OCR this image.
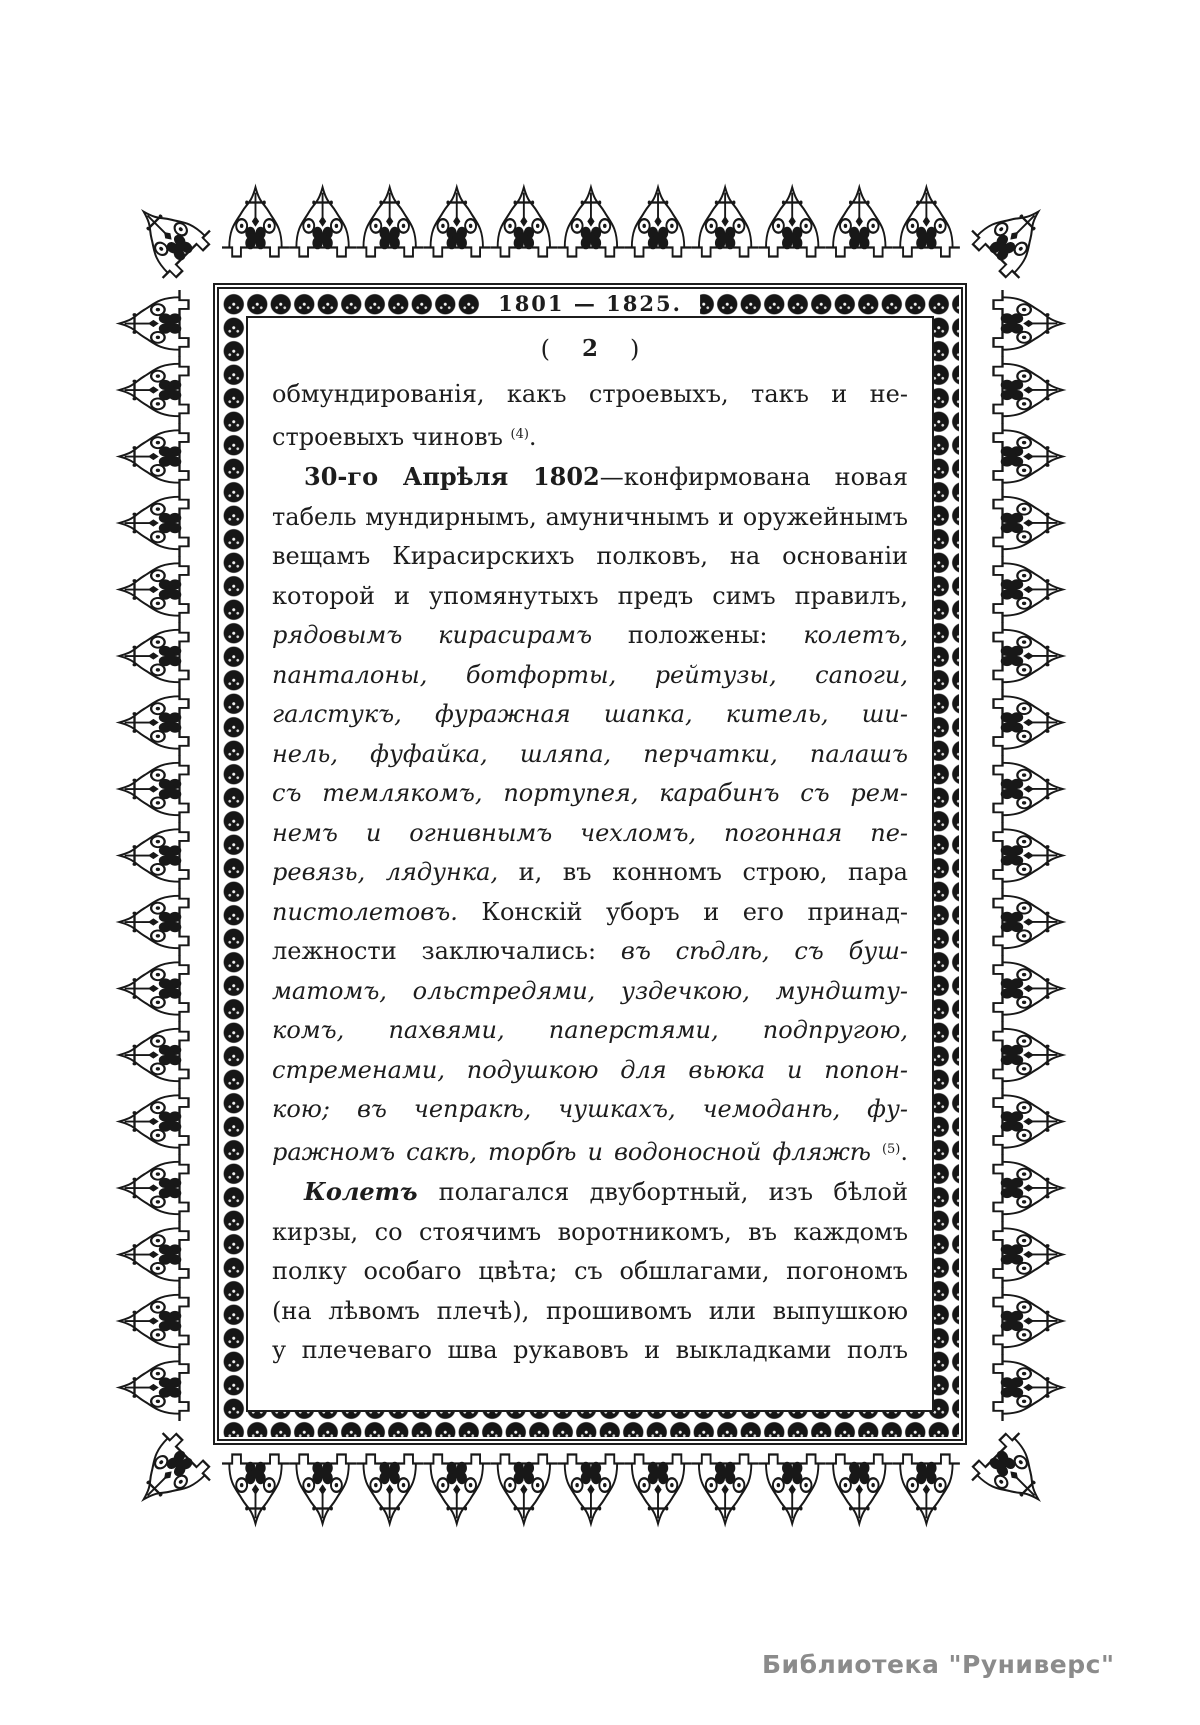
1801 — 1825.
( 2 )
обмундированія, какъ строевыхъ, такъ и не-
строевыхъ чиновъ $^{(4)}$.
30-го Апрѣля 1802—конфирмована новая
табель мундирнымъ, амуничнымъ и оружейнымъ
вещамъ Кирасирскихъ полковъ, на основаніи
которой и упомянутыхъ предъ симъ правилъ,
рядовымъ кирасирамъ положены: колетъ,
панталоны, ботфорты, рейтузы, сапоги,
галстукъ, фуражная шапка, китель, ши-
нель, фуфайка, шляпа, перчатки, палашъ
съ темлякомъ, портупея, карабинъ съ рем-
немъ и огнивнымъ чехломъ, погонная пе-
ревязь, лядунка, и, въ конномъ строю, пара
пистолетовъ. Конскій уборъ и его принад-
лежности заключались: въ сѣдлѣ, съ буш-
матомъ, ольстредями, уздечкою, мундшту-
комъ, пахвями, паперстями, подпругою,
стременами, подушкою для вьюка и попон-
кою; въ чепракѣ, чушкахъ, чемоданѣ, фу-
ражномъ сакѣ, торбѣ и водоносной фляжѣ $^{(5)}$.
Колетъ полагался двубортный, изъ бѣлой
кирзы, со стоячимъ воротникомъ, въ каждомъ
полку особаго цвѣта; съ обшлагами, погономъ
(на лѣвомъ плечѣ), прошивомъ или выпушкою
у плечеваго шва рукавовъ и выкладками полъ
Библиотека "Руниверс"
